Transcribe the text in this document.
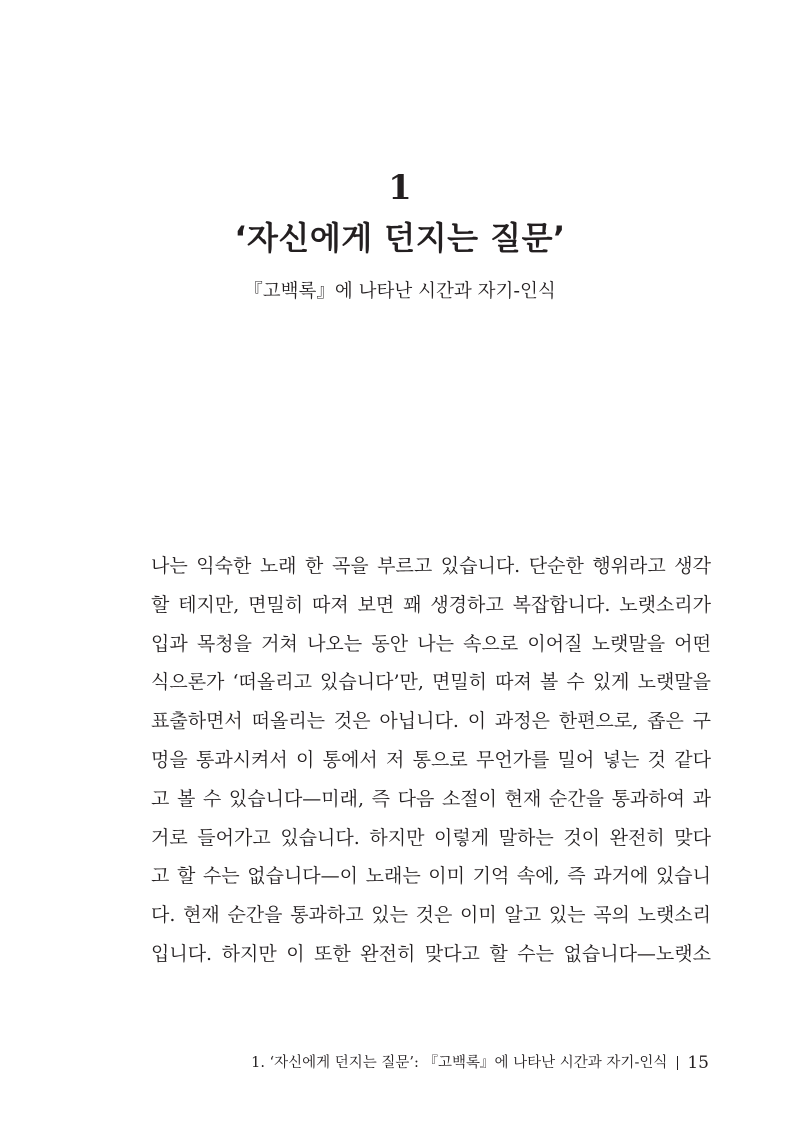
1
‘자신에게 던지는 질문’
『고백록』에 나타난 시간과 자기-인식
나는 익숙한 노래 한 곡을 부르고 있습니다. 단순한 행위라고 생각
할 테지만, 면밀히 따져 보면 꽤 생경하고 복잡합니다. 노랫소리가
입과 목청을 거쳐 나오는 동안 나는 속으로 이어질 노랫말을 어떤
식으론가 ‘떠올리고 있습니다’만, 면밀히 따져 볼 수 있게 노랫말을
표출하면서 떠올리는 것은 아닙니다. 이 과정은 한편으로, 좁은 구
멍을 통과시켜서 이 통에서 저 통으로 무언가를 밀어 넣는 것 같다
고 볼 수 있습니다—미래, 즉 다음 소절이 현재 순간을 통과하여 과
거로 들어가고 있습니다. 하지만 이렇게 말하는 것이 완전히 맞다
고 할 수는 없습니다—이 노래는 이미 기억 속에, 즉 과거에 있습니
다. 현재 순간을 통과하고 있는 것은 이미 알고 있는 곡의 노랫소리
입니다. 하지만 이 또한 완전히 맞다고 할 수는 없습니다—노랫소
1. ‘자신에게 던지는 질문’: 『고백록』에 나타난 시간과 자기-인식 15
